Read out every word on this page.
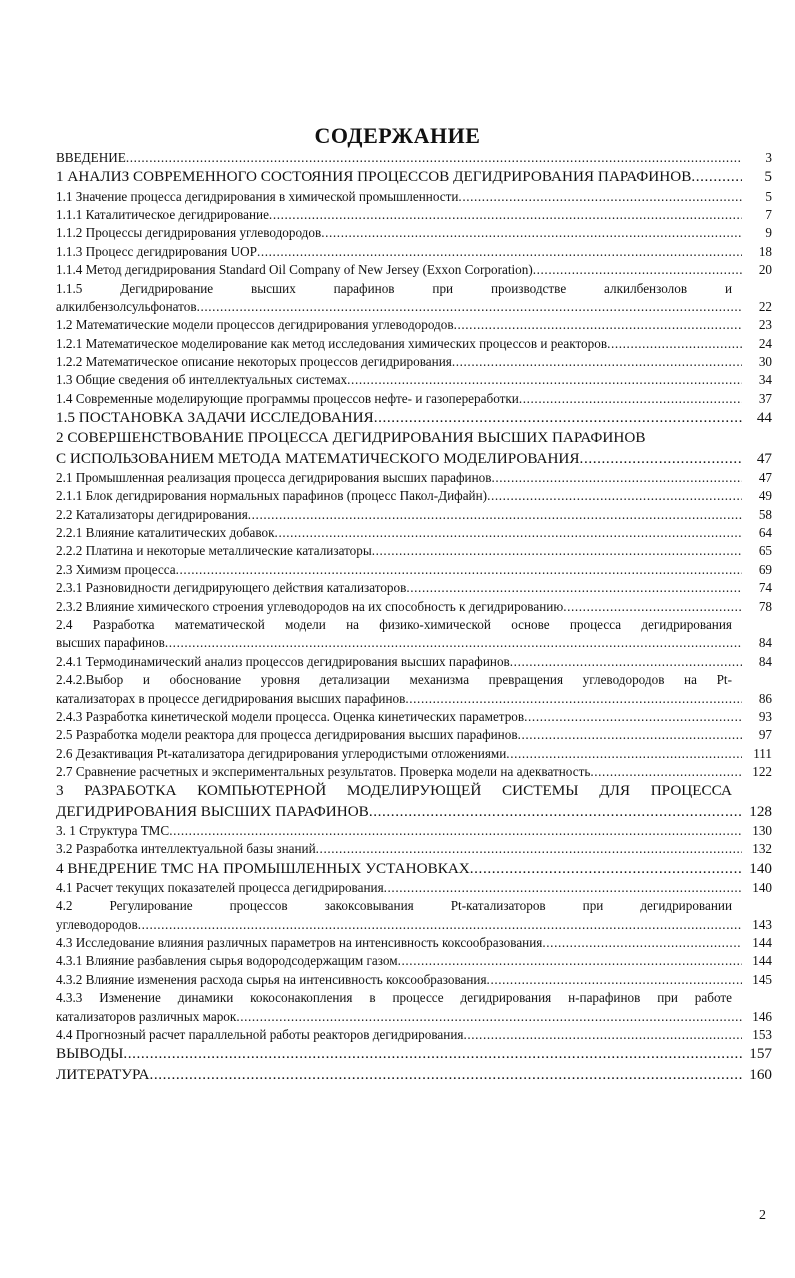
СОДЕРЖАНИЕ
ВВЕДЕНИЕ .....	3
1 АНАЛИЗ СОВРЕМЕННОГО СОСТОЯНИЯ ПРОЦЕССОВ ДЕГИДРИРОВАНИЯ ПАРАФИНОВ .....	5
1.1 Значение процесса дегидрирования в химической промышленности .....	5
1.1.1 Каталитическое дегидрирование .....	7
1.1.2 Процессы дегидрирования углеводородов .....	9
1.1.3 Процесс дегидрирования UOP .....	18
1.1.4 Метод дегидрирования Standard Oil Company of New Jersey (Exxon Corporation) .....	20
1.1.5 Дегидрирование высших парафинов при производстве алкилбензолов и
алкилбензолсульфонатов .....	22
1.2 Математические модели процессов дегидрирования углеводородов .....	23
1.2.1 Математическое моделирование как метод исследования химических процессов и реакторов .....	24
1.2.2 Математическое описание некоторых процессов дегидрирования .....	30
1.3 Общие сведения об интеллектуальных системах .....	34
1.4 Современные моделирующие программы процессов нефте- и газопереработки .....	37
1.5 ПОСТАНОВКА ЗАДАЧИ ИССЛЕДОВАНИЯ .....	44
2 СОВЕРШЕНСТВОВАНИЕ ПРОЦЕССА ДЕГИДРИРОВАНИЯ ВЫСШИХ ПАРАФИНОВ
С ИСПОЛЬЗОВАНИЕМ МЕТОДА МАТЕМАТИЧЕСКОГО МОДЕЛИРОВАНИЯ .....	47
2.1 Промышленная реализация процесса дегидрирования высших парафинов .....	47
2.1.1 Блок дегидрирования нормальных парафинов (процесс Пакол-Дифайн) .....	49
2.2 Катализаторы дегидрирования .....	58
2.2.1 Влияние каталитических добавок .....	64
2.2.2 Платина и некоторые металлические катализаторы .....	65
2.3 Химизм процесса .....	69
2.3.1 Разновидности дегидрирующего действия катализаторов .....	74
2.3.2 Влияние химического строения углеводородов на их способность к дегидрированию .....	78
2.4 Разработка математической модели на физико-химической основе процесса дегидрирования
высших парафинов .....	84
2.4.1 Термодинамический анализ процессов дегидрирования высших парафинов .....	84
2.4.2.Выбор и обоснование уровня детализации механизма превращения углеводородов на Pt-
катализаторах в процессе дегидрирования высших парафинов .....	86
2.4.3 Разработка кинетической модели процесса. Оценка кинетических параметров .....	93
2.5 Разработка модели реактора для процесса дегидрирования высших парафинов .....	97
2.6 Дезактивация Pt-катализатора дегидрирования углеродистыми отложениями .....	111
2.7 Сравнение расчетных и экспериментальных результатов. Проверка модели на адекватность .....	122
3 РАЗРАБОТКА КОМПЬЮТЕРНОЙ МОДЕЛИРУЮЩЕЙ СИСТЕМЫ ДЛЯ ПРОЦЕССА
ДЕГИДРИРОВАНИЯ ВЫСШИХ ПАРАФИНОВ .....	128
3. 1 Структура ТМС .....	130
3.2 Разработка интеллектуальной базы знаний .....	132
4 ВНЕДРЕНИЕ ТМС НА ПРОМЫШЛЕННЫХ УСТАНОВКАХ .....	140
4.1 Расчет текущих показателей процесса дегидрирования .....	140
4.2 Регулирование процессов закоксовывания Pt-катализаторов при дегидрировании
углеводородов .....	143
4.3 Исследование влияния различных параметров на интенсивность коксообразования .....	144
4.3.1 Влияние разбавления сырья водородсодержащим газом .....	144
4.3.2 Влияние изменения расхода сырья на интенсивность коксообразования .....	145
4.3.3 Изменение динамики кокосонакопления в процессе дегидрирования н-парафинов при работе
катализаторов различных марок .....	146
4.4 Прогнозный расчет параллельной работы реакторов дегидрирования .....	153
ВЫВОДЫ .....	157
ЛИТЕРАТУРА .....	160
2
